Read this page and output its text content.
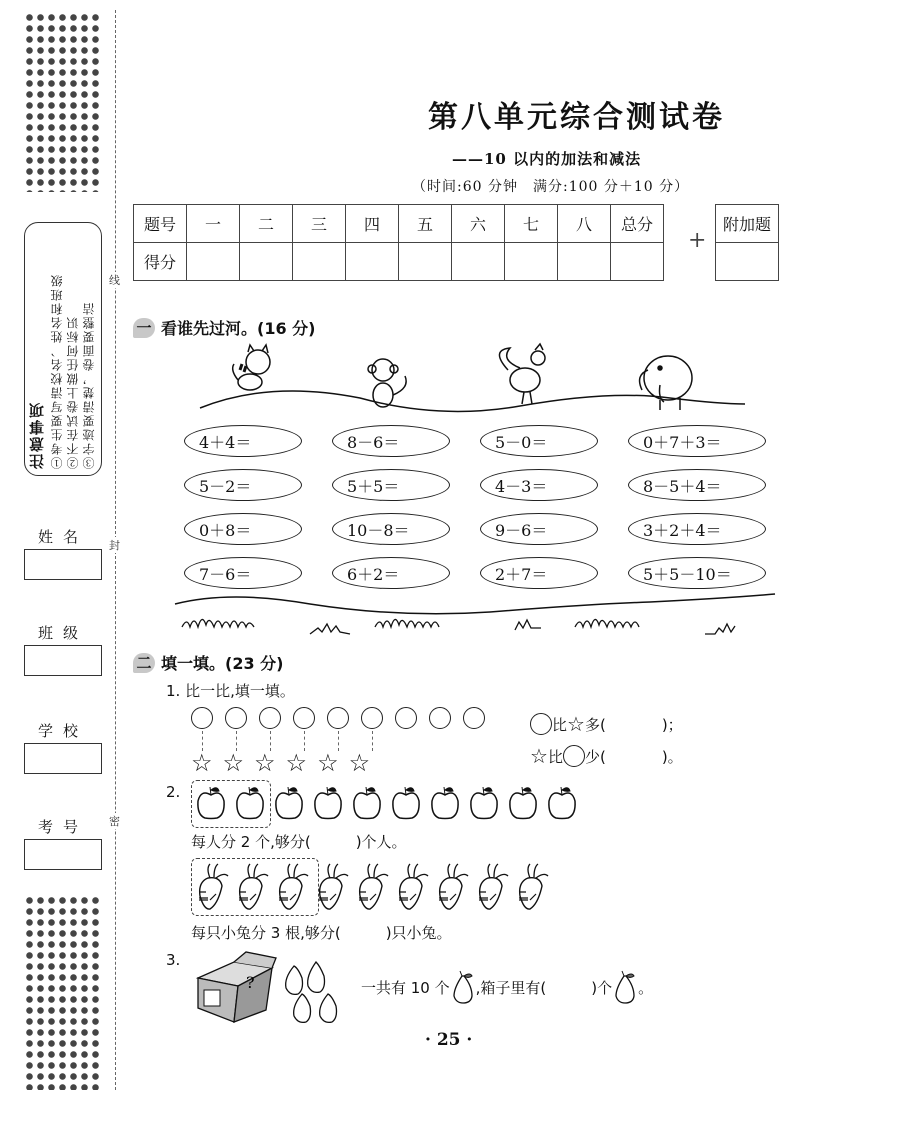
线
封
密
注意事项 ①考生要写清校名、姓名和班级 ②不在试卷上做任何标识 ③字迹要清楚，卷面要整洁
姓名
班级
学校
考号
第八单元综合测试卷
——10 以内的加法和减法
（时间:60 分钟　满分:100 分＋10 分）
题号	一	二	三	四	五	六	七	八	总分
得分									
+
附加题

一 看谁先过河。(16 分)
4＋4＝	8－6＝	5－0＝	0＋7＋3＝
5－2＝	5＋5＝	4－3＝	8－5＋4＝
0＋8＝	10－8＝	9－6＝	3＋2＋4＝
7－6＝	6＋2＝	2＋7＝	5＋5－10＝
二 填一填。(23 分)
1. 比一比,填一填。
☆ ☆ ☆ ☆ ☆ ☆
比 ☆ 多(	)；
☆ 比 少(	)。
2.
每人分 2 个,够分(　　　)个人。
每只小兔分 3 根,够分(　　　)只小兔。
3.
?	一共有 10 个 ,箱子里有(　　　)个 。
· 25 ·
